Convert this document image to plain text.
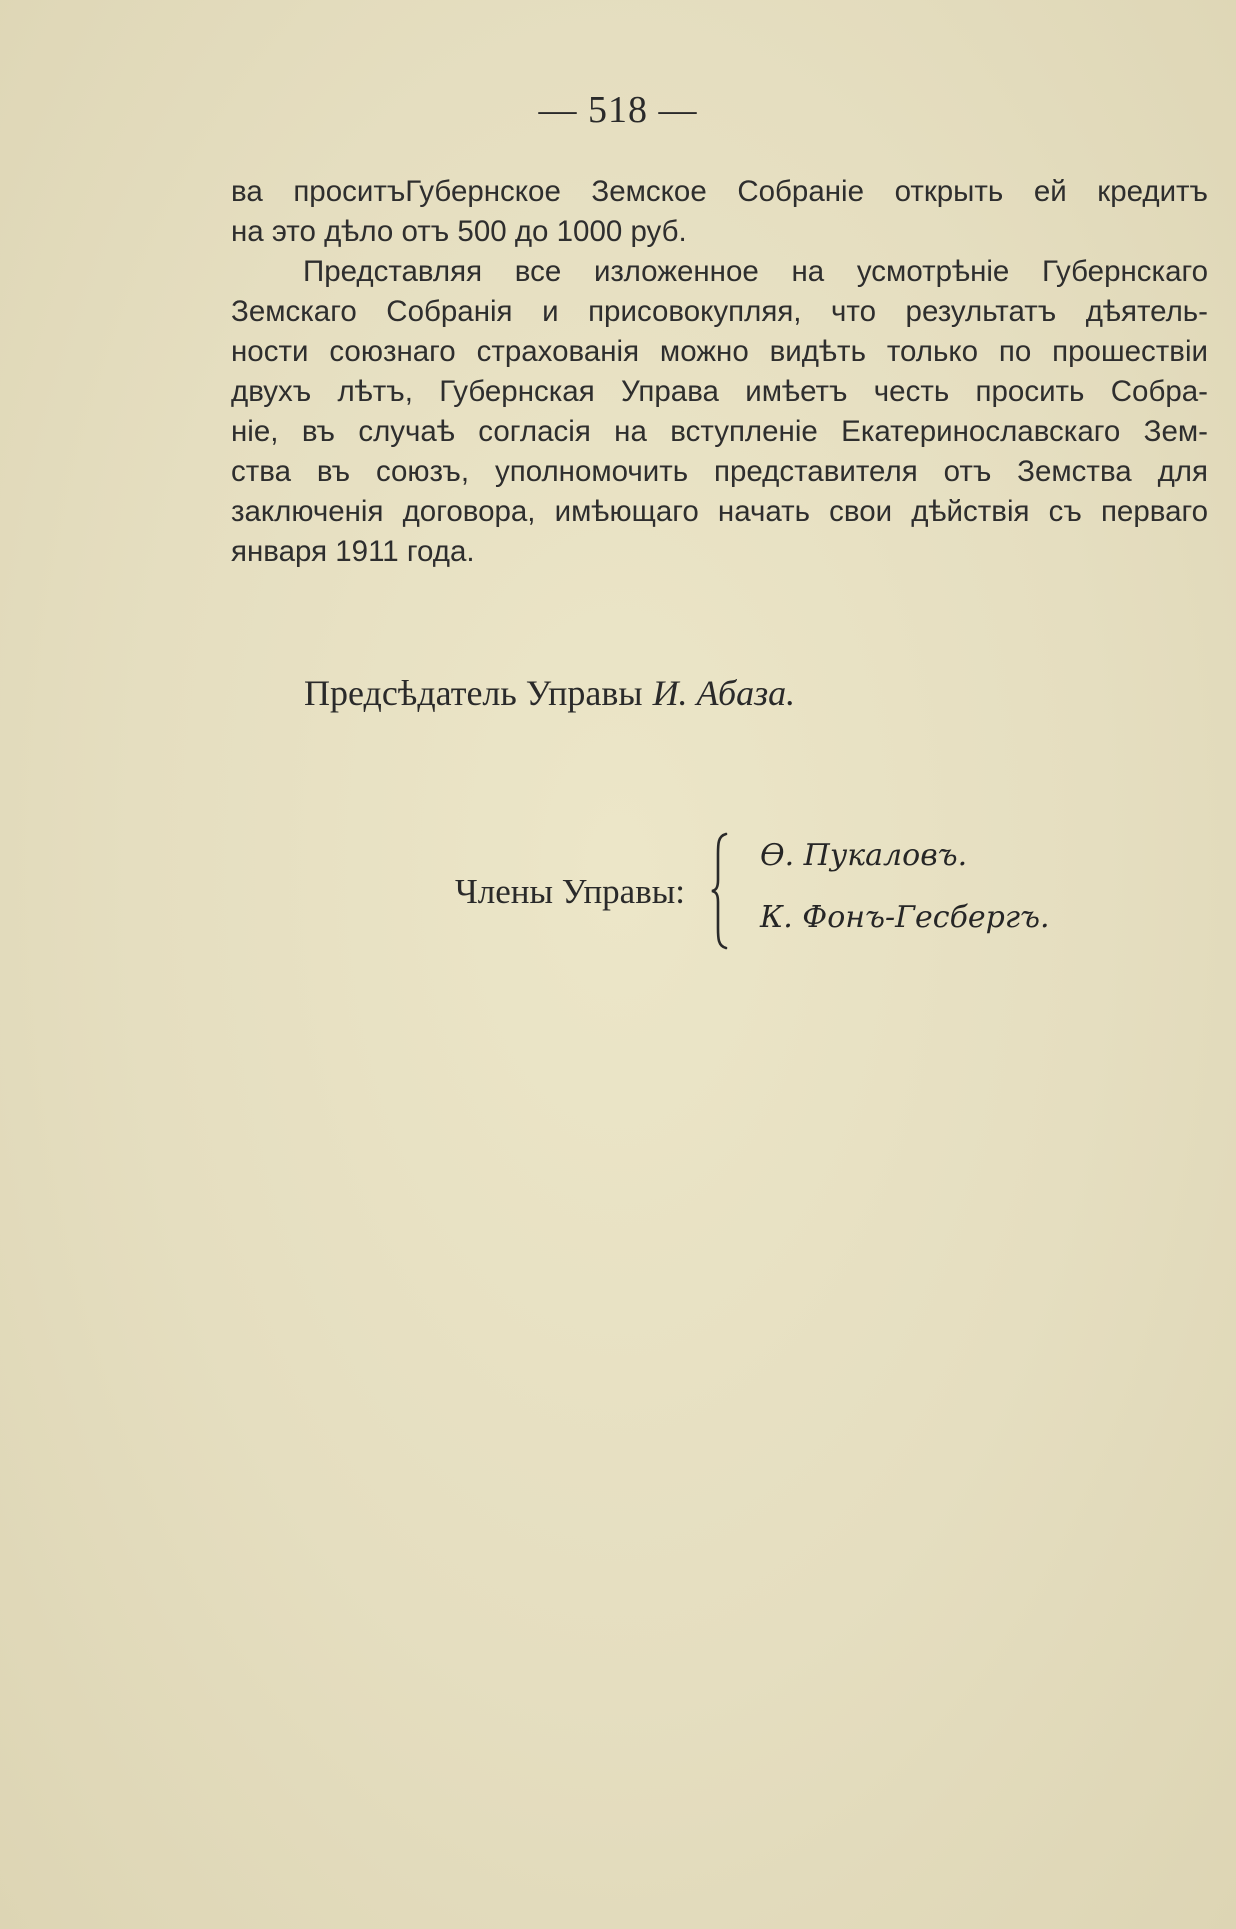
— 518 —
ва проситъГубернское Земское Собраніе открыть ей кредитъ
на это дѣло отъ 500 до 1000 руб.
Представляя все изложенное на усмотрѣніе Губернскаго
Земскаго Собранія и присовокупляя, что результатъ дѣятель-
ности союзнаго страхованія можно видѣть только по прошествіи
двухъ лѣтъ, Губернская Управа имѣетъ честь просить Собра-
ніе, въ случаѣ согласія на вступленіе Екатеринославскаго Зем-
ства въ союзъ, уполномочить представителя отъ Земства для
заключенія договора, имѣющаго начать свои дѣйствія съ перваго
января 1911 года.
Предсѣдатель Управы И. Абаза.
Члены Управы:
Ѳ. Пукаловъ.
К. Фонъ-Гесбергъ.
